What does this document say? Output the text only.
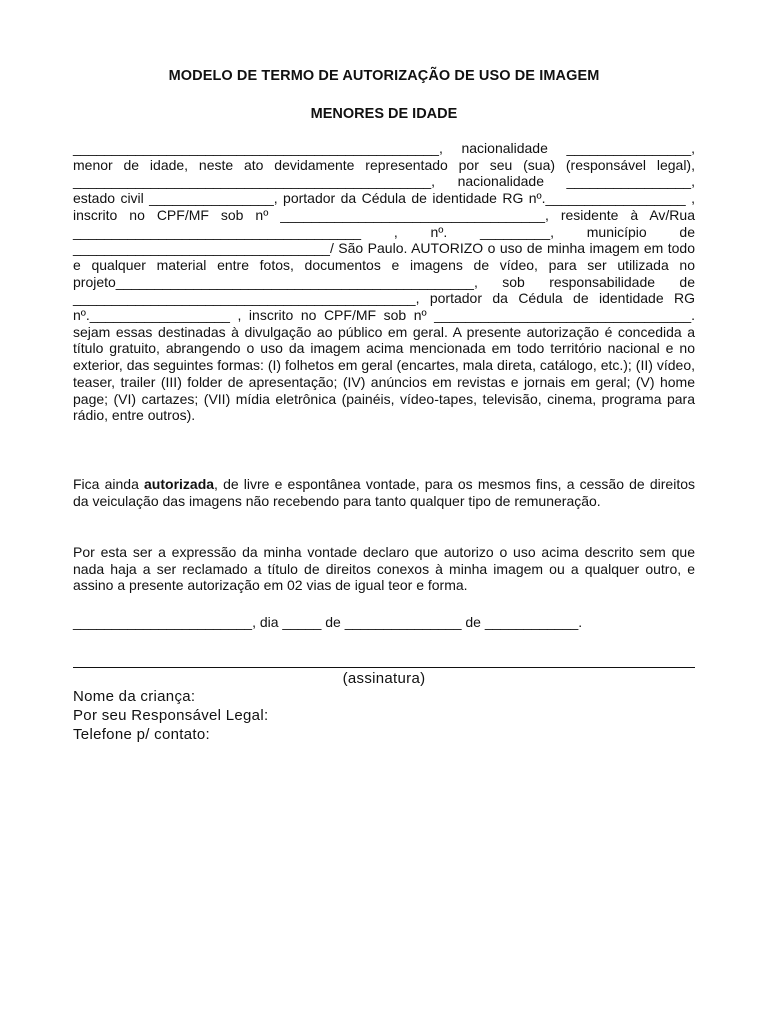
MODELO DE TERMO DE AUTORIZAÇÃO DE USO DE IMAGEM
MENORES DE IDADE

_______________________________________________, nacionalidade ________________, menor de idade, neste ato devidamente representado por seu (sua) (responsável legal), ______________________________________________, nacionalidade ________________, estado civil ________________, portador da Cédula de identidade RG nº.__________________ , inscrito no CPF/MF sob nº __________________________________, residente à Av/Rua _____________________________________ , nº. _________, município de _________________________________/ São Paulo. AUTORIZO o uso de minha imagem em todo e qualquer material entre fotos, documentos e imagens de vídeo, para ser utilizada no projeto______________________________________________, sob responsabilidade de ____________________________________________, portador da Cédula de identidade RG nº.__________________ , inscrito no CPF/MF sob nº _________________________________. sejam essas destinadas à divulgação ao público em geral. A presente autorização é concedida a título gratuito, abrangendo o uso da imagem acima mencionada em todo território nacional e no exterior, das seguintes formas: (I) folhetos em geral (encartes, mala direta, catálogo, etc.); (II) vídeo, teaser, trailer (III) folder de apresentação; (IV) anúncios em revistas e jornais em geral; (V) home page; (VI) cartazes; (VII) mídia eletrônica (painéis, vídeo-tapes, televisão, cinema, programa para rádio, entre outros).

Fica ainda autorizada, de livre e espontânea vontade, para os mesmos fins, a cessão de direitos da veiculação das imagens não recebendo para tanto qualquer tipo de remuneração.

Por esta ser a expressão da minha vontade declaro que autorizo o uso acima descrito sem que nada haja a ser reclamado a título de direitos conexos à minha imagem ou a qualquer outro, e assino a presente autorização em 02 vias de igual teor e forma.

_______________________, dia _____ de _______________ de ____________.

(assinatura)
Nome da criança:
Por seu Responsável Legal:
Telefone p/ contato:
